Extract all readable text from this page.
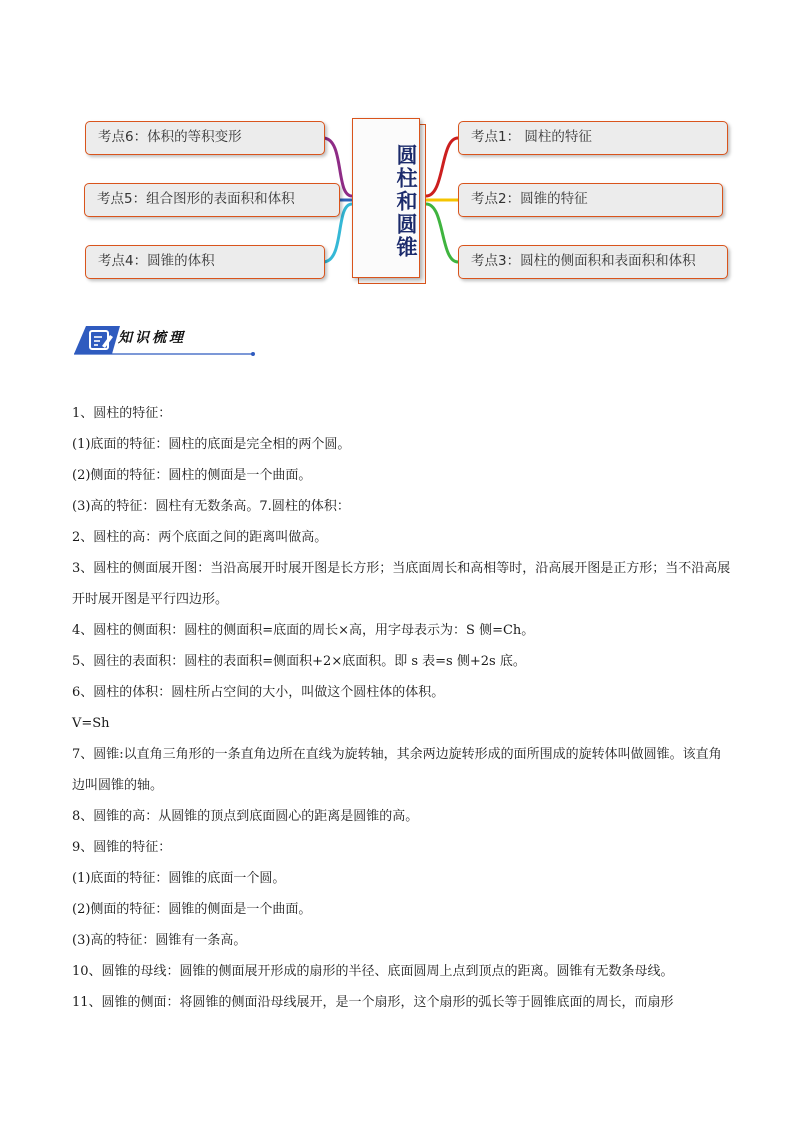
考点6：体积的等积变形
考点5：组合图形的表面积和体积
考点4：圆锥的体积
考点1： 圆柱的特征
考点2：圆锥的特征
考点3：圆柱的侧面积和表面积和体积
圆柱和圆锥
知识梳理

1、圆柱的特征：

(1)底面的特征：圆柱的底面是完全相的两个圆。

(2)侧面的特征：圆柱的侧面是一个曲面。

(3)高的特征：圆柱有无数条高。7.圆柱的体积：

2、圆柱的高：两个底面之间的距离叫做高。

3、圆柱的侧面展开图：当沿高展开时展开图是长方形；当底面周长和高相等时，沿高展开图是正方形；当不沿高展开时展开图是平行四边形。

4、圆柱的侧面积：圆柱的侧面积=底面的周长×高，用字母表示为：S 侧=Ch。

5、圆往的表面积：圆柱的表面积=侧面积+2×底面积。即 s 表=s 侧+2s 底。

6、圆柱的体积：圆柱所占空间的大小，叫做这个圆柱体的体积。

V=Sh

7、圆锥:以直角三角形的一条直角边所在直线为旋转轴，其余两边旋转形成的面所围成的旋转体叫做圆锥。该直角边叫圆锥的轴。

8、圆锥的高：从圆锥的顶点到底面圆心的距离是圆锥的高。

9、圆锥的特征：

(1)底面的特征：圆锥的底面一个圆。

(2)侧面的特征：圆锥的侧面是一个曲面。

(3)高的特征：圆锥有一条高。

10、圆锥的母线：圆锥的侧面展开形成的扇形的半径、底面圆周上点到顶点的距离。圆锥有无数条母线。

11、圆锥的侧面：将圆锥的侧面沿母线展开，是一个扇形，这个扇形的弧长等于圆锥底面的周长，而扇形
